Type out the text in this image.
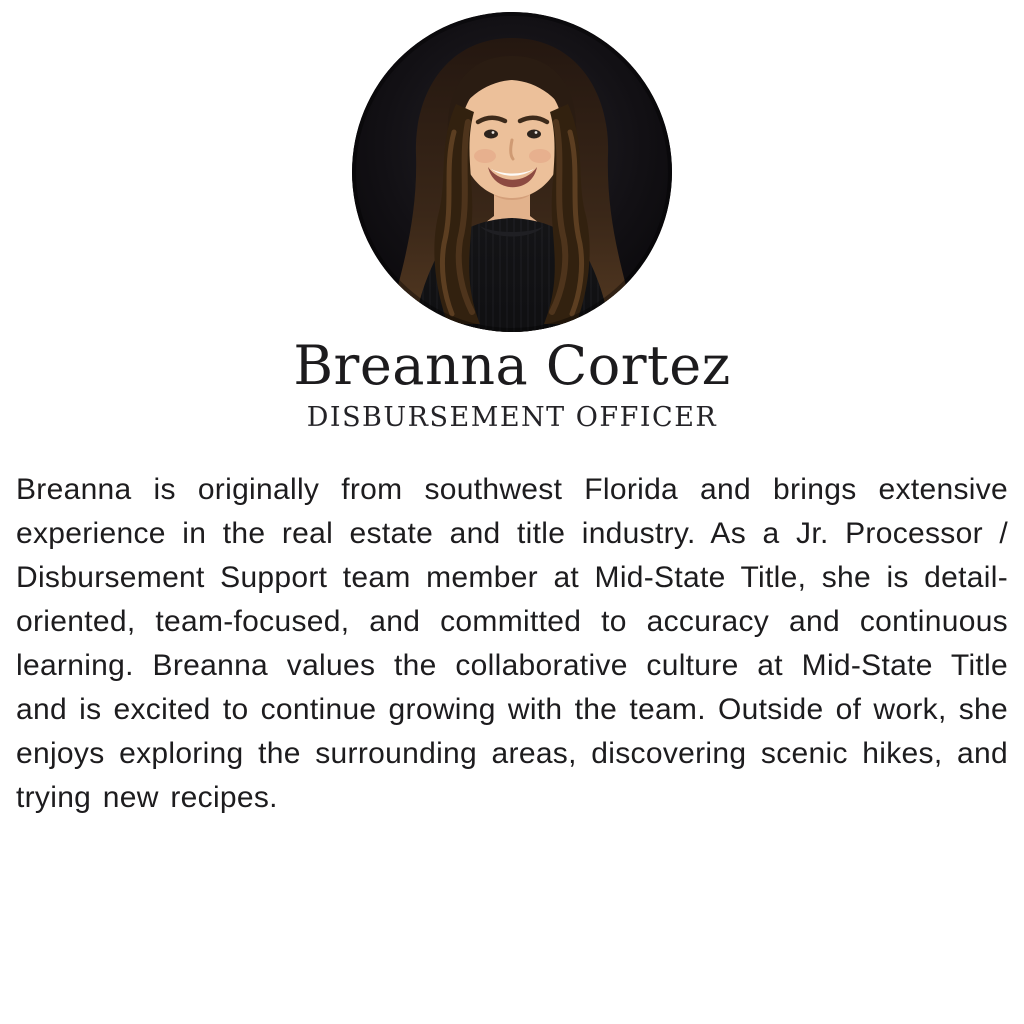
Breanna Cortez
DISBURSEMENT OFFICER

Breanna is originally from southwest Florida and brings extensive experience in the real estate and title industry. As a Jr. Processor / Disbursement Support team member at Mid-State Title, she is detail-oriented, team-focused, and committed to accuracy and continuous learning. Breanna values the collaborative culture at Mid-State Title and is excited to continue growing with the team. Outside of work, she enjoys exploring the surrounding areas, discovering scenic hikes, and trying new recipes.
